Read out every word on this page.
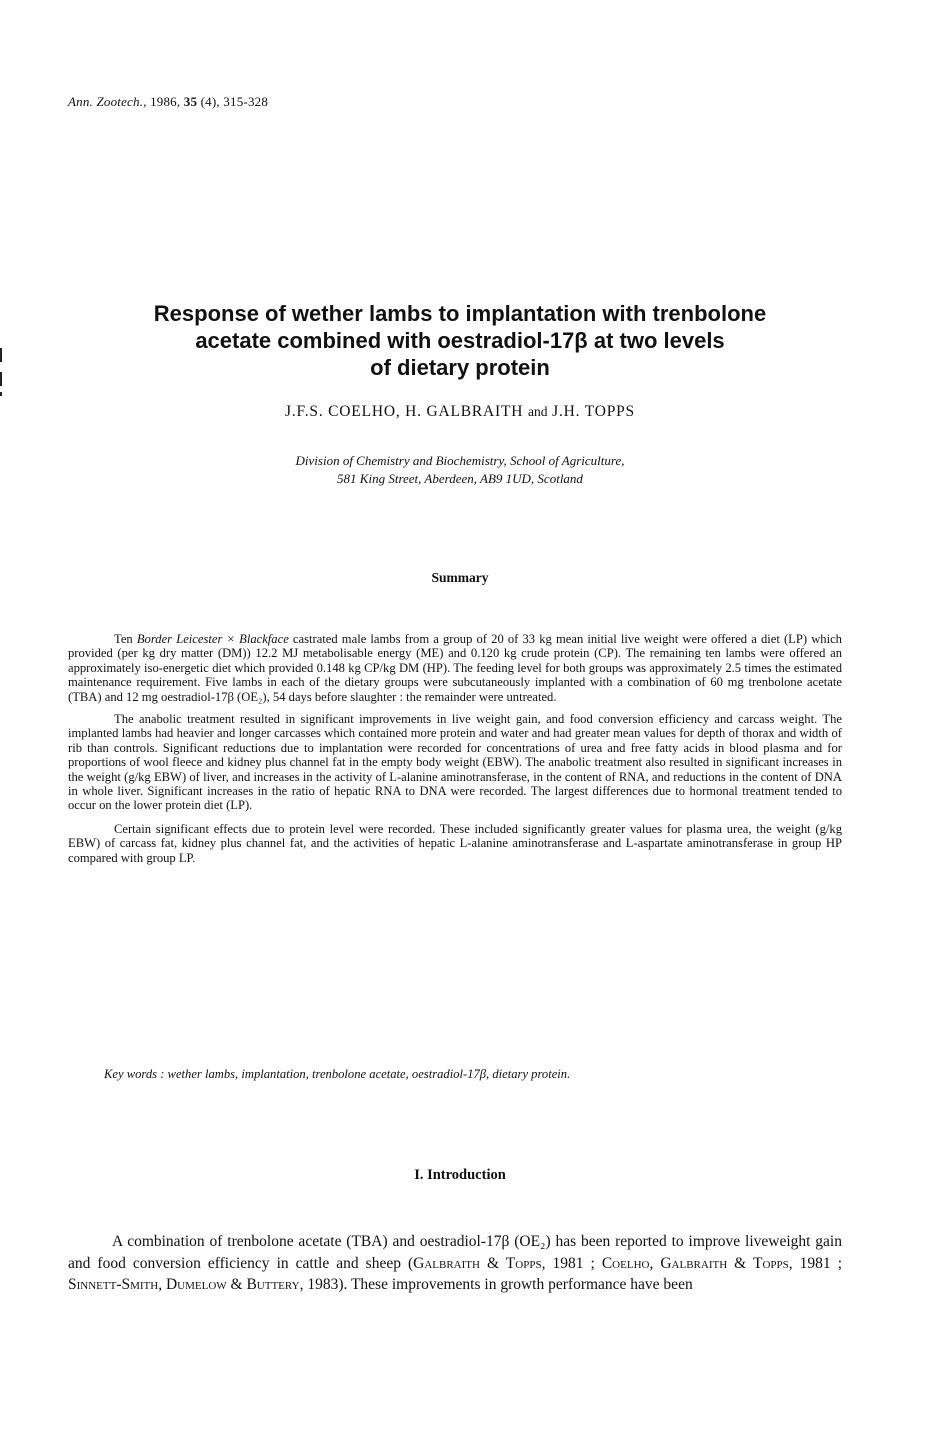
Ann. Zootech., 1986, 35 (4), 315-328
Response of wether lambs to implantation with trenbolone
acetate combined with oestradiol-17β at two levels
of dietary protein
J.F.S. COELHO, H. GALBRAITH and J.H. TOPPS
Division of Chemistry and Biochemistry, School of Agriculture,
581 King Street, Aberdeen, AB9 1UD, Scotland
Summary

Ten Border Leicester × Blackface castrated male lambs from a group of 20 of 33 kg mean initial live weight were offered a diet (LP) which provided (per kg dry matter (DM)) 12.2 MJ metabolisable energy (ME) and 0.120 kg crude protein (CP). The remaining ten lambs were offered an approximately iso-energetic diet which provided 0.148 kg CP/kg DM (HP). The feeding level for both groups was approximately 2.5 times the estimated maintenance requirement. Five lambs in each of the dietary groups were subcutaneously implanted with a combination of 60 mg trenbolone acetate (TBA) and 12 mg oestradiol-17β (OE₂), 54 days before slaughter : the remainder were untreated.

The anabolic treatment resulted in significant improvements in live weight gain, and food conversion efficiency and carcass weight. The implanted lambs had heavier and longer carcasses which contained more protein and water and had greater mean values for depth of thorax and width of rib than controls. Significant reductions due to implantation were recorded for concentrations of urea and free fatty acids in blood plasma and for proportions of wool fleece and kidney plus channel fat in the empty body weight (EBW). The anabolic treatment also resulted in significant increases in the weight (g/kg EBW) of liver, and increases in the activity of L-alanine aminotransferase, in the content of RNA, and reductions in the content of DNA in whole liver. Significant increases in the ratio of hepatic RNA to DNA were recorded. The largest differences due to hormonal treatment tended to occur on the lower protein diet (LP).

Certain significant effects due to protein level were recorded. These included significantly greater values for plasma urea, the weight (g/kg EBW) of carcass fat, kidney plus channel fat, and the activities of hepatic L-alanine aminotransferase and L-aspartate aminotransferase in group HP compared with group LP.

Key words : wether lambs, implantation, trenbolone acetate, oestradiol-17β, dietary protein.
I. Introduction

A combination of trenbolone acetate (TBA) and oestradiol-17β (OE₂) has been reported to improve liveweight gain and food conversion efficiency in cattle and sheep (Galbraith & Topps, 1981 ; Coelho, Galbraith & Topps, 1981 ; Sinnett-Smith, Dumelow & Buttery, 1983). These improvements in growth performance have been
